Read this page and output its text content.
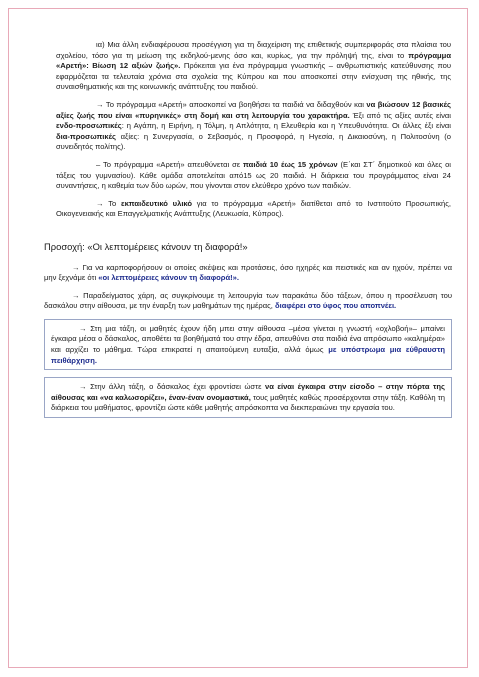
ια) Μια άλλη ενδιαφέρουσα προσέγγιση για τη διαχείριση της επιθετικής συμπεριφοράς στα πλαίσια του σχολείου, τόσο για τη μείωση της εκδηλού-μενης όσο και, κυρίως, για την πρόληψή της, είναι το πρόγραμμα «Αρετή»: Βίωση 12 αξιών ζωής». Πρόκειται για ένα πρόγραμμα γνωστικής – ανθρωπιστικής κατεύθυνσης που εφαρμόζεται τα τελευταία χρόνια στα σχολεία της Κύπρου και που αποσκοπεί στην ενίσχυση της ηθικής, της συναισθηματικής και της κοινωνικής ανάπτυξης του παιδιού.

→ Το πρόγραμμα «Αρετή» αποσκοπεί να βοηθήσει τα παιδιά να διδαχθούν και να βιώσουν 12 βασικές αξίες ζωής που είναι «πυρηνικές» στη δομή και στη λειτουργία του χαρακτήρα. Έξι από τις αξίες αυτές είναι ενδο-προσωπικές: η Αγάπη, η Ειρήνη, η Τόλμη, η Απλότητα, η Ελευθερία και η Υπευθυνότητα. Οι άλλες έξι είναι δια-προσωπικές αξίες: η Συνεργασία, ο Σεβασμός, η Προσφορά, η Ηγεσία, η Δικαιοσύνη, η Πολιτοσύνη (ο συνειδητός πολίτης).

– Το πρόγραμμα «Αρετή» απευθύνεται σε παιδιά 10 έως 15 χρόνων (Ε΄και ΣΤ΄ δημοτικού και όλες οι τάξεις του γυμνασίου). Κάθε ομάδα αποτελείται από15 ως 20 παιδιά. Η διάρκεια του προγράμματος είναι 24 συναντήσεις, η καθεμία των δύο ωρών, που γίνονται στον ελεύθερο χρόνο των παιδιών.

→ Το εκπαιδευτικό υλικό για το πρόγραμμα «Αρετή» διατίθεται από το Ινστιτούτο Προσωπικής, Οικογενειακής και Επαγγελματικής Ανάπτυξης (Λευκωσία, Κύπρος).

Προσοχή: «Οι λεπτομέρειες κάνουν τη διαφορά!»

→ Για να καρποφορήσουν οι οποίες σκέψεις και προτάσεις, όσο ηχηρές και πειστικές και αν ηχούν, πρέπει να μην ξεχνάμε ότι «οι λεπτομέρειες κάνουν τη διαφορά!».

→ Παραδείγματος χάρη, ας συγκρίνουμε τη λειτουργία των παρακάτω δύο τάξεων, όπου η προσέλευση του δασκάλου στην αίθουσα, με την έναρξη των μαθημάτων της ημέρας, διαφέρει στο ύφος που αποπνέει.

→ Στη μια τάξη, οι μαθητές έχουν ήδη μπει στην αίθουσα –μέσα γίνεται η γνωστή «οχλοβοή»– μπαίνει έγκαιρα μέσα ο δάσκαλος, αποθέτει τα βοηθήματά του στην έδρα, απευθύνει στα παιδιά ένα απρόσωπο «καλημέρα» και αρχίζει το μάθημα. Τώρα επικρατεί η απαιτούμενη ευταξία, αλλά όμως με υπόστρωμα μια εύθραυστη πειθάρχηση.
→ Στην άλλη τάξη, ο δάσκαλος έχει φροντίσει ώστε να είναι έγκαιρα στην είσοδο – στην πόρτα της αίθουσας και «να καλωσορίζει», έναν-έναν ονομαστικά, τους μαθητές καθώς προσέρχονται στην τάξη. Καθόλη τη διάρκεια του μαθήματος, φροντίζει ώστε κάθε μαθητής απρόσκοπτα να διεκπεραιώνει την εργασία του.
